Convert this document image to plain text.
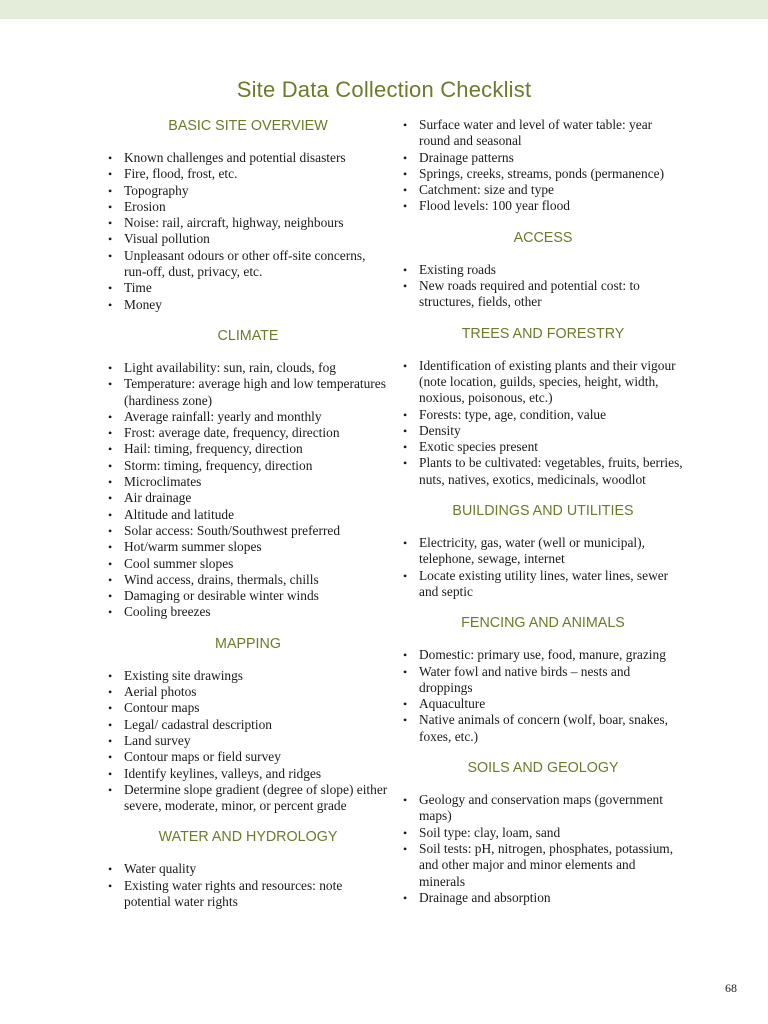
Site Data Collection Checklist
BASIC SITE OVERVIEW
• Known challenges and potential disasters
• Fire, flood, frost, etc.
• Topography
• Erosion
• Noise: rail, aircraft, highway, neighbours
• Visual pollution
• Unpleasant odours or other off-site concerns, run-off, dust, privacy, etc.
• Time
• Money
CLIMATE
• Light availability: sun, rain, clouds, fog
• Temperature: average high and low temperatures (hardiness zone)
• Average rainfall: yearly and monthly
• Frost: average date, frequency, direction
• Hail: timing, frequency, direction
• Storm: timing, frequency, direction
• Microclimates
• Air drainage
• Altitude and latitude
• Solar access: South/Southwest preferred
• Hot/warm summer slopes
• Cool summer slopes
• Wind access, drains, thermals, chills
• Damaging or desirable winter winds
• Cooling breezes
MAPPING
• Existing site drawings
• Aerial photos
• Contour maps
• Legal/ cadastral description
• Land survey
• Contour maps or field survey
• Identify keylines, valleys, and ridges
• Determine slope gradient (degree of slope) either severe, moderate, minor, or percent grade
WATER AND HYDROLOGY
• Water quality
• Existing water rights and resources: note potential water rights
• Surface water and level of water table: year round and seasonal
• Drainage patterns
• Springs, creeks, streams, ponds (permanence)
• Catchment: size and type
• Flood levels: 100 year flood
ACCESS
• Existing roads
• New roads required and potential cost: to structures, fields, other
TREES AND FORESTRY
• Identification of existing plants and their vigour (note location, guilds, species, height, width, noxious, poisonous, etc.)
• Forests: type, age, condition, value
• Density
• Exotic species present
• Plants to be cultivated: vegetables, fruits, berries, nuts, natives, exotics, medicinals, woodlot
BUILDINGS AND UTILITIES
• Electricity, gas, water (well or municipal), telephone, sewage, internet
• Locate existing utility lines, water lines, sewer and septic
FENCING AND ANIMALS
• Domestic: primary use, food, manure, grazing
• Water fowl and native birds – nests and droppings
• Aquaculture
• Native animals of concern (wolf, boar, snakes, foxes, etc.)
SOILS AND GEOLOGY
• Geology and conservation maps (government maps)
• Soil type: clay, loam, sand
• Soil tests: pH, nitrogen, phosphates, potassium, and other major and minor elements and minerals
• Drainage and absorption
68
